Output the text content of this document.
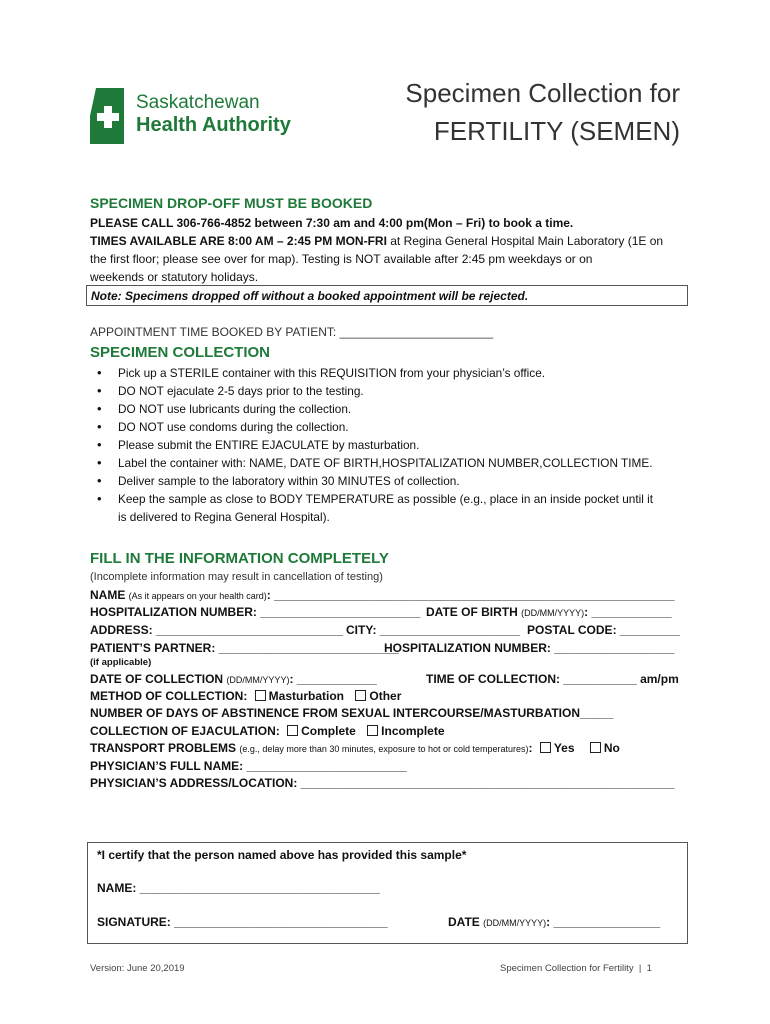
Saskatchewan
Health Authority
Specimen Collection for
FERTILITY (SEMEN)
SPECIMEN DROP-OFF MUST BE BOOKED
PLEASE CALL 306-766-4852 between 7:30 am and 4:00 pm(Mon – Fri) to book a time.
TIMES AVAILABLE ARE 8:00 AM – 2:45 PM MON-FRI at Regina General Hospital Main Laboratory (1E on
the first floor; please see over for map). Testing is NOT available after 2:45 pm weekdays or on
weekends or statutory holidays.
Note: Specimens dropped off without a booked appointment will be rejected.
APPOINTMENT TIME BOOKED BY PATIENT: _______________________
SPECIMEN COLLECTION
• Pick up a STERILE container with this REQUISITION from your physician’s office.
• DO NOT ejaculate 2-5 days prior to the testing.
• DO NOT use lubricants during the collection.
• DO NOT use condoms during the collection.
• Please submit the ENTIRE EJACULATE by masturbation.
• Label the container with: NAME, DATE OF BIRTH,HOSPITALIZATION NUMBER,COLLECTION TIME.
• Deliver sample to the laboratory within 30 MINUTES of collection.
• Keep the sample as close to BODY TEMPERATURE as possible (e.g., place in an inside pocket until it
is delivered to Regina General Hospital).
FILL IN THE INFORMATION COMPLETELY
(Incomplete information may result in cancellation of testing)
NAME (As it appears on your health card): ____________________________________________________________
HOSPITALIZATION NUMBER: ________________________ DATE OF BIRTH (DD/MM/YYYY): ____________
ADDRESS: ____________________________ CITY: _____________________ POSTAL CODE: _________
PATIENT’S PARTNER: ___________________________
HOSPITALIZATION NUMBER: __________________
(if applicable)
DATE OF COLLECTION (DD/MM/YYYY): ____________	TIME OF COLLECTION: ___________ am/pm
METHOD OF COLLECTION: Masturbation Other
NUMBER OF DAYS OF ABSTINENCE FROM SEXUAL INTERCOURSE/MASTURBATION_____
COLLECTION OF EJACULATION: Complete Incomplete
TRANSPORT PROBLEMS (e.g., delay more than 30 minutes, exposure to hot or cold temperatures): Yes No
PHYSICIAN’S FULL NAME: ________________________
PHYSICIAN’S ADDRESS/LOCATION: ________________________________________________________
*I certify that the person named above has provided this sample*
NAME: ____________________________________
SIGNATURE: ________________________________	DATE (DD/MM/YYYY): ________________
Version: June 20,2019	Specimen Collection for Fertility  |  1
